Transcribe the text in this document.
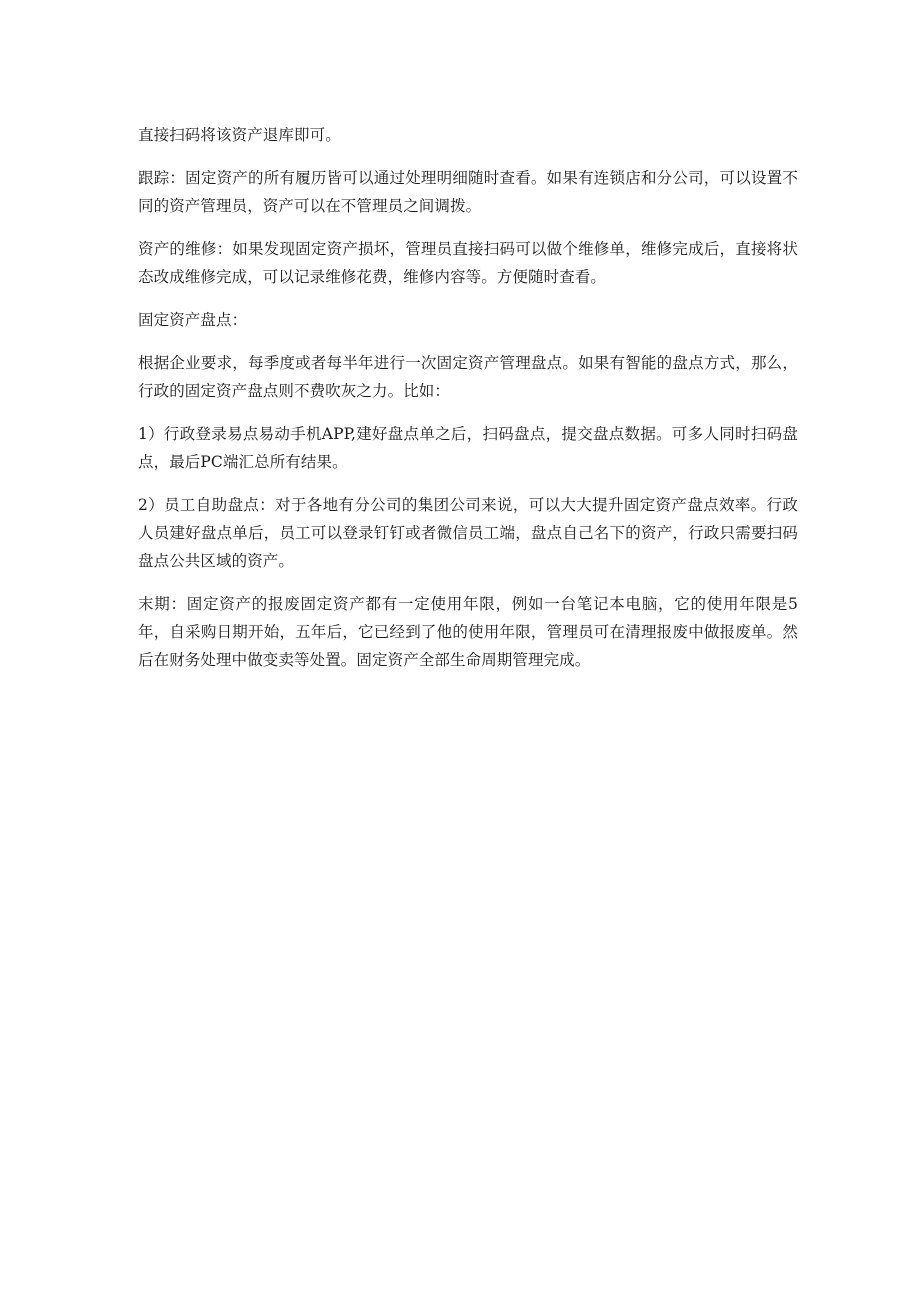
直接扫码将该资产退库即可。

跟踪：固定资产的所有履历皆可以通过处理明细随时查看。如果有连锁店和分公司，可以设置不同的资产管理员，资产可以在不管理员之间调拨。

资产的维修：如果发现固定资产损坏，管理员直接扫码可以做个维修单，维修完成后，直接将状态改成维修完成，可以记录维修花费，维修内容等。方便随时查看。

固定资产盘点：

根据企业要求，每季度或者每半年进行一次固定资产管理盘点。如果有智能的盘点方式，那么，行政的固定资产盘点则不费吹灰之力。比如：

1）行政登录易点易动手机APP,建好盘点单之后，扫码盘点，提交盘点数据。可多人同时扫码盘点，最后PC端汇总所有结果。

2）员工自助盘点：对于各地有分公司的集团公司来说，可以大大提升固定资产盘点效率。行政人员建好盘点单后，员工可以登录钉钉或者微信员工端，盘点自己名下的资产，行政只需要扫码盘点公共区域的资产。

末期：固定资产的报废固定资产都有一定使用年限，例如一台笔记本电脑，它的使用年限是5年，自采购日期开始，五年后，它已经到了他的使用年限，管理员可在清理报废中做报废单。然后在财务处理中做变卖等处置。固定资产全部生命周期管理完成。
